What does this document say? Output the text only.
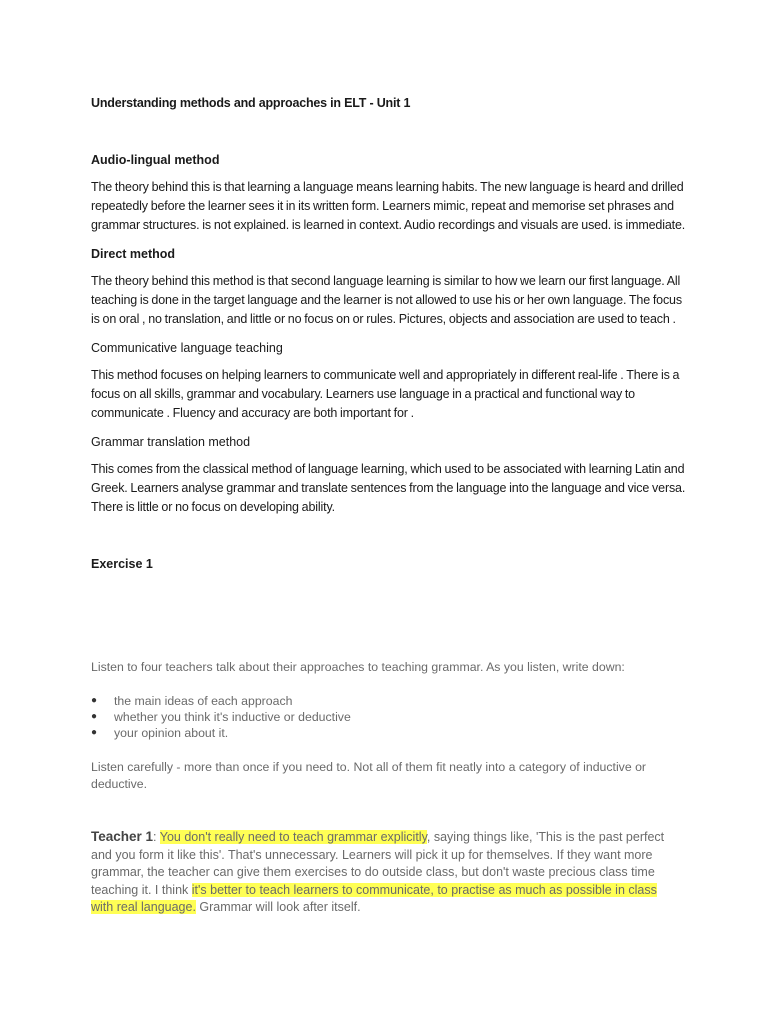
Understanding methods and approaches in ELT - Unit 1

Audio-lingual method

The theory behind this is that learning a language means learning habits. The new language is heard and drilled repeatedly before the learner sees it in its written form. Learners mimic, repeat and memorise set phrases and grammar structures. is not explained. is learned in context. Audio recordings and visuals are used. is immediate.

Direct method

The theory behind this method is that second language learning is similar to how we learn our first language. All teaching is done in the target language and the learner is not allowed to use his or her own language. The focus is on oral , no translation, and little or no focus on or rules. Pictures, objects and association are used to teach .

Communicative language teaching

This method focuses on helping learners to communicate well and appropriately in different real-life . There is a focus on all skills, grammar and vocabulary. Learners use language in a practical and functional way to communicate . Fluency and accuracy are both important for .

Grammar translation method

This comes from the classical method of language learning, which used to be associated with learning Latin and Greek. Learners analyse grammar and translate sentences from the language into the language and vice versa. There is little or no focus on developing ability.

Exercise 1

Listen to four teachers talk about their approaches to teaching grammar. As you listen, write down:

● the main ideas of each approach
● whether you think it's inductive or deductive
● your opinion about it.

Listen carefully - more than once if you need to. Not all of them fit neatly into a category of inductive or deductive.

Teacher 1: You don't really need to teach grammar explicitly, saying things like, 'This is the past perfect and you form it like this'. That's unnecessary. Learners will pick it up for themselves. If they want more grammar, the teacher can give them exercises to do outside class, but don't waste precious class time teaching it. I think it's better to teach learners to communicate, to practise as much as possible in class with real language. Grammar will look after itself.
